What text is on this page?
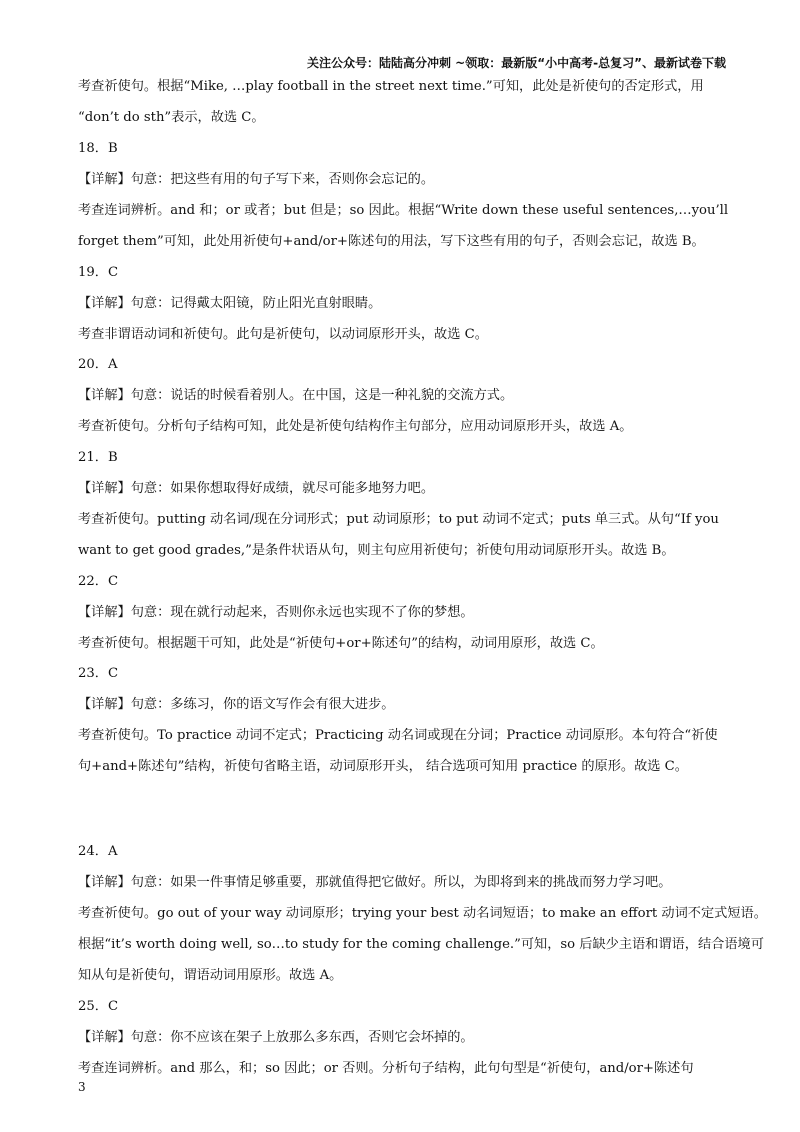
关注公众号：陆陆高分冲刺 ~领取：最新版“小中高考-总复习”、最新试卷下载
考查祈使句。根据“Mike, …play football in the street next time.”可知，此处是祈使句的否定形式，用
“don’t do sth”表示，故选 C。
18．B
【详解】句意：把这些有用的句子写下来，否则你会忘记的。
考查连词辨析。and 和；or 或者；but 但是；so 因此。根据“Write down these useful sentences,…you’ll
forget them”可知，此处用祈使句+and/or+陈述句的用法，写下这些有用的句子，否则会忘记，故选 B。
19．C
【详解】句意：记得戴太阳镜，防止阳光直射眼睛。
考查非谓语动词和祈使句。此句是祈使句，以动词原形开头，故选 C。
20．A
【详解】句意：说话的时候看着别人。在中国，这是一种礼貌的交流方式。
考查祈使句。分析句子结构可知，此处是祈使句结构作主句部分，应用动词原形开头，故选 A。
21．B
【详解】句意：如果你想取得好成绩，就尽可能多地努力吧。
考查祈使句。putting 动名词/现在分词形式；put 动词原形；to put 动词不定式；puts 单三式。从句“If you
want to get good grades,”是条件状语从句，则主句应用祈使句；祈使句用动词原形开头。故选 B。
22．C
【详解】句意：现在就行动起来，否则你永远也实现不了你的梦想。
考查祈使句。根据题干可知，此处是“祈使句+or+陈述句”的结构，动词用原形，故选 C。
23．C
【详解】句意：多练习，你的语文写作会有很大进步。
考查祈使句。To practice 动词不定式；Practicing 动名词或现在分词；Practice 动词原形。本句符合“祈使
句+and+陈述句”结构，祈使句省略主语，动词原形开头， 结合选项可知用 practice 的原形。故选 C。
24．A
【详解】句意：如果一件事情足够重要，那就值得把它做好。所以，为即将到来的挑战而努力学习吧。
考查祈使句。go out of your way 动词原形；trying your best 动名词短语；to make an effort 动词不定式短语。
根据“it’s worth doing well, so…to study for the coming challenge.”可知，so 后缺少主语和谓语，结合语境可
知从句是祈使句，谓语动词用原形。故选 A。
25．C
【详解】句意：你不应该在架子上放那么多东西，否则它会坏掉的。
考查连词辨析。and 那么，和；so 因此；or 否则。分析句子结构，此句句型是“祈使句，and/or+陈述句
3
